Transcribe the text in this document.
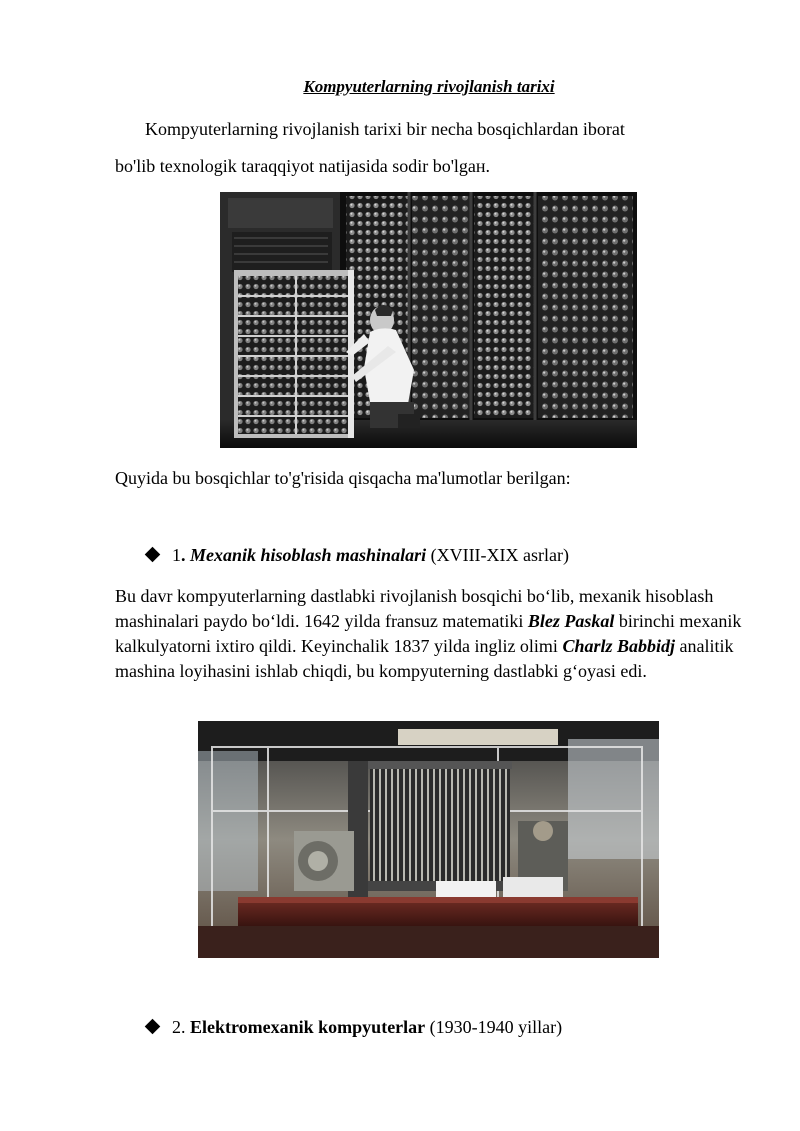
Kompyuterlarning rivojlanish tarixi
Kompyuterlarning rivojlanish tarixi bir necha bosqichlardan iborat
bo'lib texnologik taraqqiyot natijasida sodir bo'lgaн.
Quyida bu bosqichlar to'g'risida qisqacha ma'lumotlar berilgan:
1. Mexanik hisoblash mashinalari (XVIII-XIX asrlar)
Bu davr kompyuterlarning dastlabki rivojlanish bosqichi bo‘lib, mexanik hisoblash mashinalari paydo bo‘ldi. 1642 yilda fransuz matematiki Blez Paskal birinchi mexanik kalkulyatorni ixtiro qildi. Keyinchalik 1837 yilda ingliz olimi Charlz Babbidj analitik mashina loyihasini ishlab chiqdi, bu kompyuterning dastlabki g‘oyasi edi.
2. Elektromexanik kompyuterlar (1930-1940 yillar)
